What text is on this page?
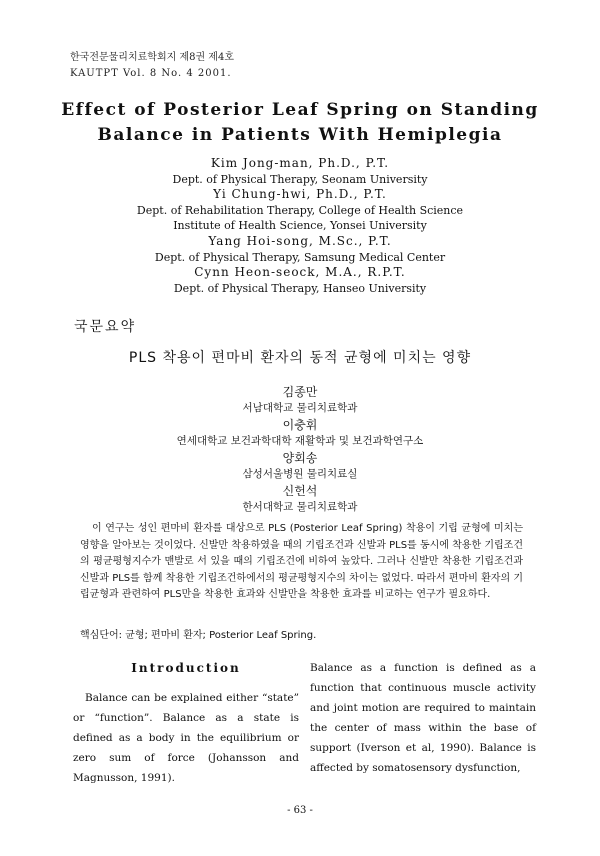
한국전문물리치료학회지 제8권 제4호
KAUTPT Vol. 8 No. 4 2001.
Effect of Posterior Leaf Spring on Standing
Balance in Patients With Hemiplegia
Kim Jong-man, Ph.D., P.T.
Dept. of Physical Therapy, Seonam University
Yi Chung-hwi, Ph.D., P.T.
Dept. of Rehabilitation Therapy, College of Health Science
Institute of Health Science, Yonsei University
Yang Hoi-song, M.Sc., P.T.
Dept. of Physical Therapy, Samsung Medical Center
Cynn Heon-seock, M.A., R.P.T.
Dept. of Physical Therapy, Hanseo University
국문요약
PLS 착용이 편마비 환자의 동적 균형에 미치는 영향
김종만
서남대학교 물리치료학과
이충휘
연세대학교 보건과학대학 재활학과 및 보건과학연구소
양회송
삼성서울병원 물리치료실
신헌석
한서대학교 물리치료학과
이 연구는 성인 편마비 환자를 대상으로 PLS (Posterior Leaf Spring) 착용이 기립 균형에 미치는 영향을 알아보는 것이었다. 신발만 착용하였을 때의 기립조건과 신발과 PLS를 동시에 착용한 기립조건의 평균평형지수가 맨발로 서 있을 때의 기립조건에 비하여 높았다. 그러나 신발만 착용한 기립조건과 신발과 PLS를 함께 착용한 기립조건하에서의 평균평형지수의 차이는 없었다. 따라서 편마비 환자의 기립균형과 관련하여 PLS만을 착용한 효과와 신발만을 착용한 효과를 비교하는 연구가 필요하다.
핵심단어: 균형; 편마비 환자; Posterior Leaf Spring.
Introduction

Balance can be explained either “state” or “function”. Balance as a state is defined as a body in the equilibrium or zero sum of force (Johansson and Magnusson, 1991).

Balance as a function is defined as a function that continuous muscle activity and joint motion are required to maintain the center of mass within the base of support (Iverson et al, 1990). Balance is affected by somatosensory dysfunction,

- 63 -
